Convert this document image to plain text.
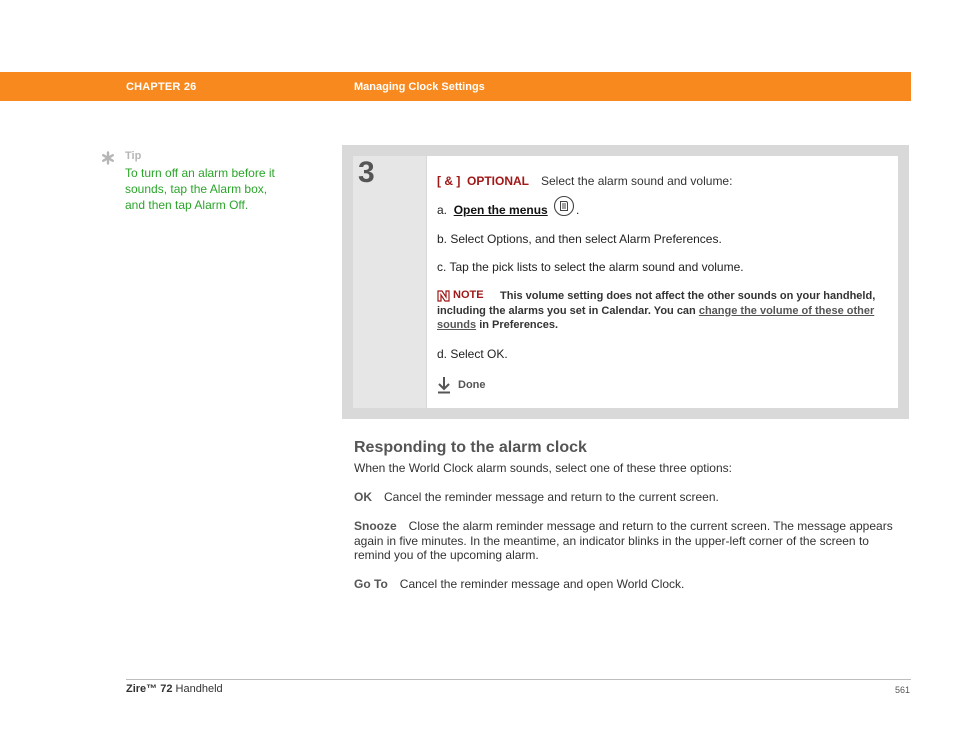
CHAPTER 26	Managing Clock Settings
Tip
To turn off an alarm before it sounds, tap the Alarm box, and then tap Alarm Off.
3	[ & ] OPTIONAL Select the alarm sound and volume:
a. Open the menus .
b. Select Options, and then select Alarm Preferences.
c. Tap the pick lists to select the alarm sound and volume.
This volume setting does not affect the other sounds on your handheld, including the alarms you set in Calendar. You can change the volume of these other sounds in Preferences.
NOTE
d. Select OK.
Done
Responding to the alarm clock
When the World Clock alarm sounds, select one of these three options:
OK Cancel the reminder message and return to the current screen.
Snooze Close the alarm reminder message and return to the current screen. The message appears again in five minutes. In the meantime, an indicator blinks in the upper-left corner of the screen to remind you of the upcoming alarm.
Go To Cancel the reminder message and open World Clock.
Zire™ 72 Handheld	561
